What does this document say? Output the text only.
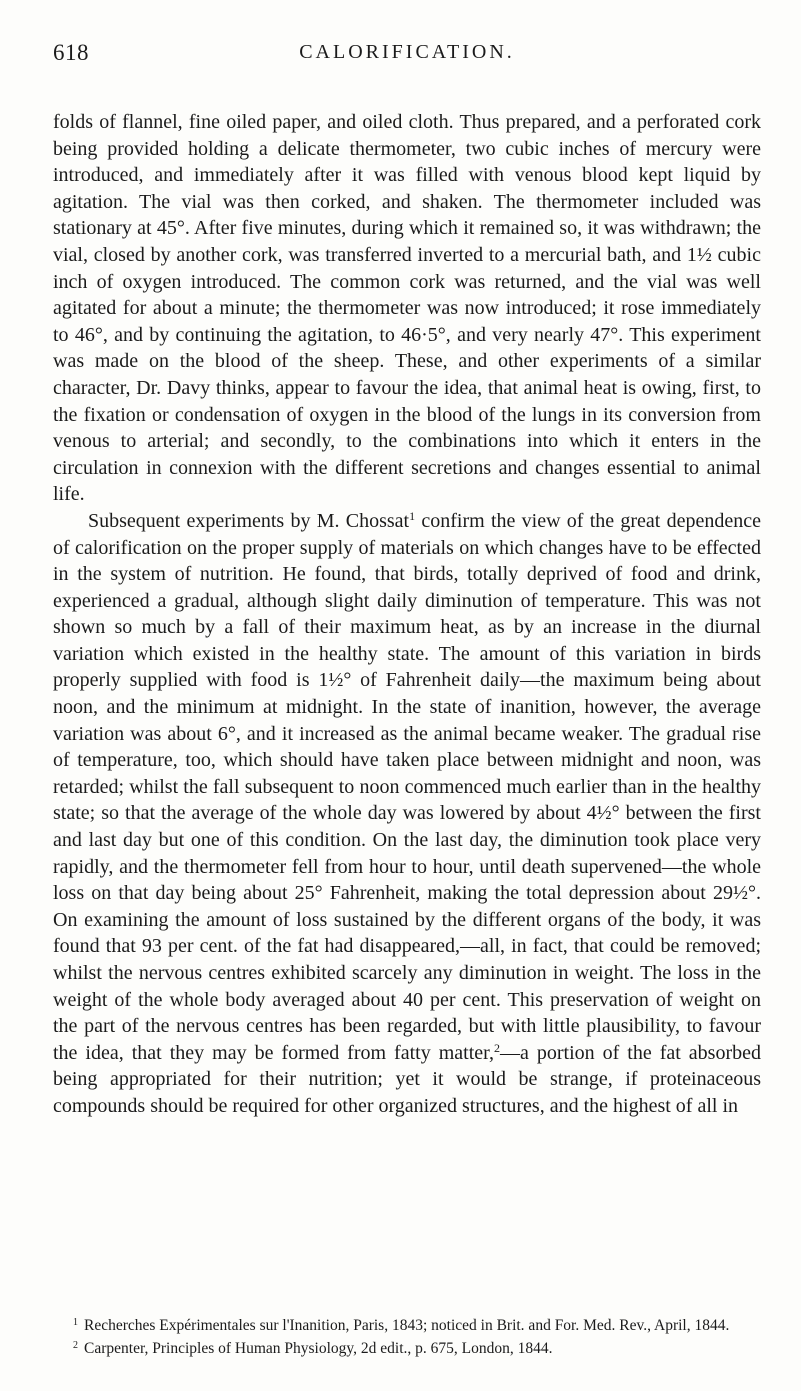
618	CALORIFICATION.

folds of flannel, fine oiled paper, and oiled cloth. Thus prepared, and a perforated cork being provided holding a delicate thermometer, two cubic inches of mercury were introduced, and immediately after it was filled with venous blood kept liquid by agitation. The vial was then corked, and shaken. The thermometer included was stationary at 45°. After five minutes, during which it remained so, it was withdrawn; the vial, closed by another cork, was transferred inverted to a mercurial bath, and 1½ cubic inch of oxygen introduced. The common cork was returned, and the vial was well agitated for about a minute; the thermometer was now introduced; it rose immediately to 46°, and by continuing the agitation, to 46·5°, and very nearly 47°. This experiment was made on the blood of the sheep. These, and other experiments of a similar character, Dr. Davy thinks, appear to favour the idea, that animal heat is owing, first, to the fixation or condensation of oxygen in the blood of the lungs in its conversion from venous to arterial; and secondly, to the combinations into which it enters in the circulation in connexion with the different secretions and changes essential to animal life.

Subsequent experiments by M. Chossat$^1$ confirm the view of the great dependence of calorification on the proper supply of materials on which changes have to be effected in the system of nutrition. He found, that birds, totally deprived of food and drink, experienced a gradual, although slight daily diminution of temperature. This was not shown so much by a fall of their maximum heat, as by an increase in the diurnal variation which existed in the healthy state. The amount of this variation in birds properly supplied with food is 1½° of Fahrenheit daily—the maximum being about noon, and the minimum at midnight. In the state of inanition, however, the average variation was about 6°, and it increased as the animal became weaker. The gradual rise of temperature, too, which should have taken place between midnight and noon, was retarded; whilst the fall subsequent to noon commenced much earlier than in the healthy state; so that the average of the whole day was lowered by about 4½° between the first and last day but one of this condition. On the last day, the diminution took place very rapidly, and the thermometer fell from hour to hour, until death supervened—the whole loss on that day being about 25° Fahrenheit, making the total depression about 29½°. On examining the amount of loss sustained by the different organs of the body, it was found that 93 per cent. of the fat had disappeared,—all, in fact, that could be removed; whilst the nervous centres exhibited scarcely any diminution in weight. The loss in the weight of the whole body averaged about 40 per cent. This preservation of weight on the part of the nervous centres has been regarded, but with little plausibility, to favour the idea, that they may be formed from fatty matter,$^2$—a portion of the fat absorbed being appropriated for their nutrition; yet it would be strange, if proteinaceous compounds should be required for other organized structures, and the highest of all in

$^1$ Recherches Expérimentales sur l'Inanition, Paris, 1843; noticed in Brit. and For. Med. Rev., April, 1844.

$^2$ Carpenter, Principles of Human Physiology, 2d edit., p. 675, London, 1844.
